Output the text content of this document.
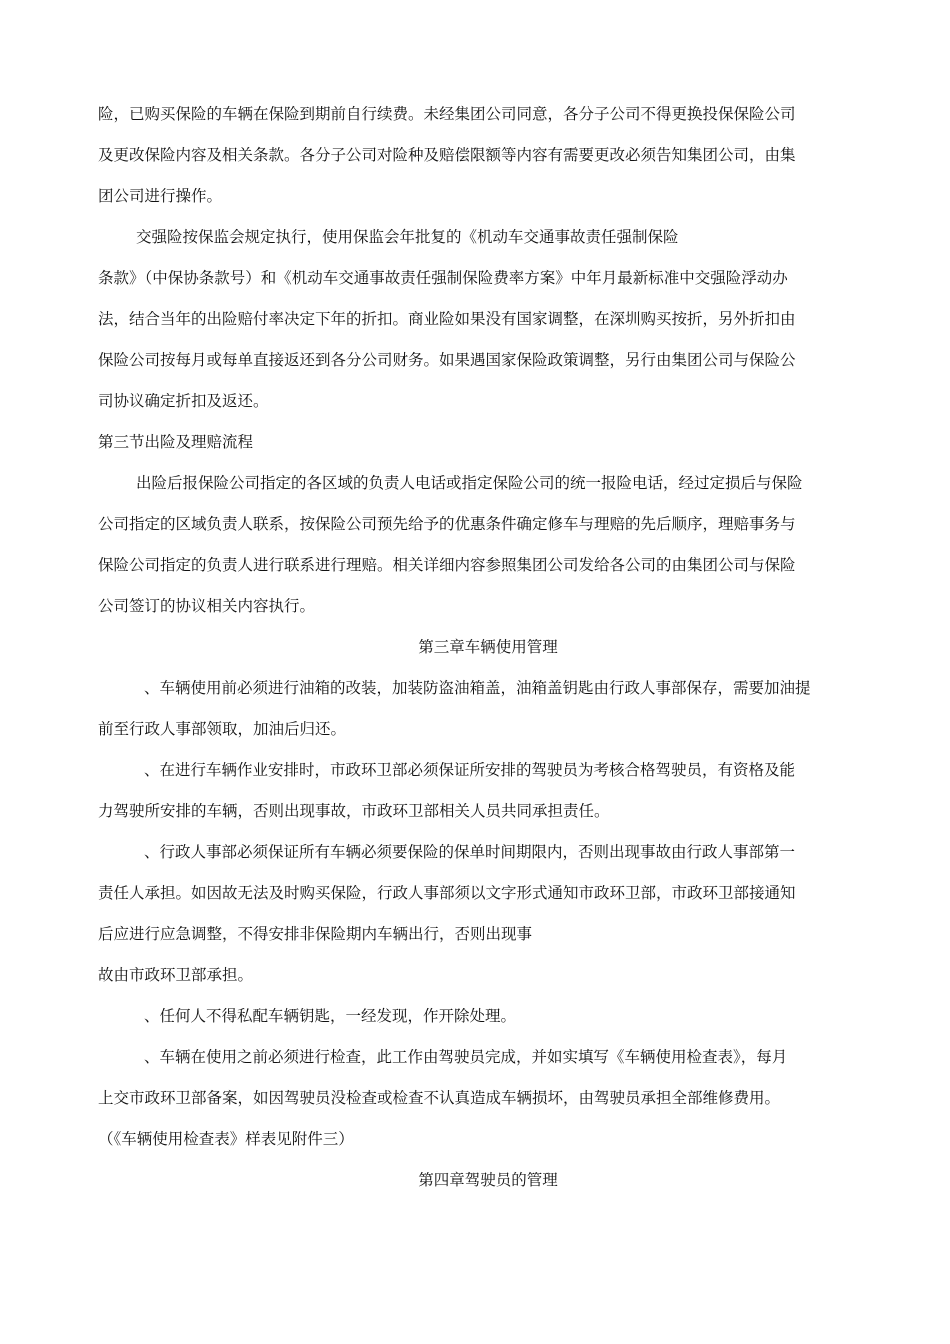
险，已购买保险的车辆在保险到期前自行续费。未经集团公司同意，各分子公司不得更换投保保险公司
及更改保险内容及相关条款。各分子公司对险种及赔偿限额等内容有需要更改必须告知集团公司，由集
团公司进行操作。
交强险按保监会规定执行，使用保监会年批复的《机动车交通事故责任强制保险
条款》（中保协条款号）和《机动车交通事故责任强制保险费率方案》中年月最新标准中交强险浮动办
法，结合当年的出险赔付率决定下年的折扣。商业险如果没有国家调整，在深圳购买按折，另外折扣由
保险公司按每月或每单直接返还到各分公司财务。如果遇国家保险政策调整，另行由集团公司与保险公
司协议确定折扣及返还。
第三节出险及理赔流程
出险后报保险公司指定的各区域的负责人电话或指定保险公司的统一报险电话，经过定损后与保险
公司指定的区域负责人联系，按保险公司预先给予的优惠条件确定修车与理赔的先后顺序，理赔事务与
保险公司指定的负责人进行联系进行理赔。相关详细内容参照集团公司发给各公司的由集团公司与保险
公司签订的协议相关内容执行。
第三章车辆使用管理
、车辆使用前必须进行油箱的改装，加装防盗油箱盖，油箱盖钥匙由行政人事部保存，需要加油提
前至行政人事部领取，加油后归还。
、在进行车辆作业安排时，市政环卫部必须保证所安排的驾驶员为考核合格驾驶员，有资格及能
力驾驶所安排的车辆，否则出现事故，市政环卫部相关人员共同承担责任。
、行政人事部必须保证所有车辆必须要保险的保单时间期限内，否则出现事故由行政人事部第一
责任人承担。如因故无法及时购买保险，行政人事部须以文字形式通知市政环卫部，市政环卫部接通知
后应进行应急调整，不得安排非保险期内车辆出行，否则出现事
故由市政环卫部承担。
、任何人不得私配车辆钥匙，一经发现，作开除处理。
、车辆在使用之前必须进行检查，此工作由驾驶员完成，并如实填写《车辆使用检查表》，每月
上交市政环卫部备案，如因驾驶员没检查或检查不认真造成车辆损坏，由驾驶员承担全部维修费用。
（《车辆使用检查表》样表见附件三）
第四章驾驶员的管理
